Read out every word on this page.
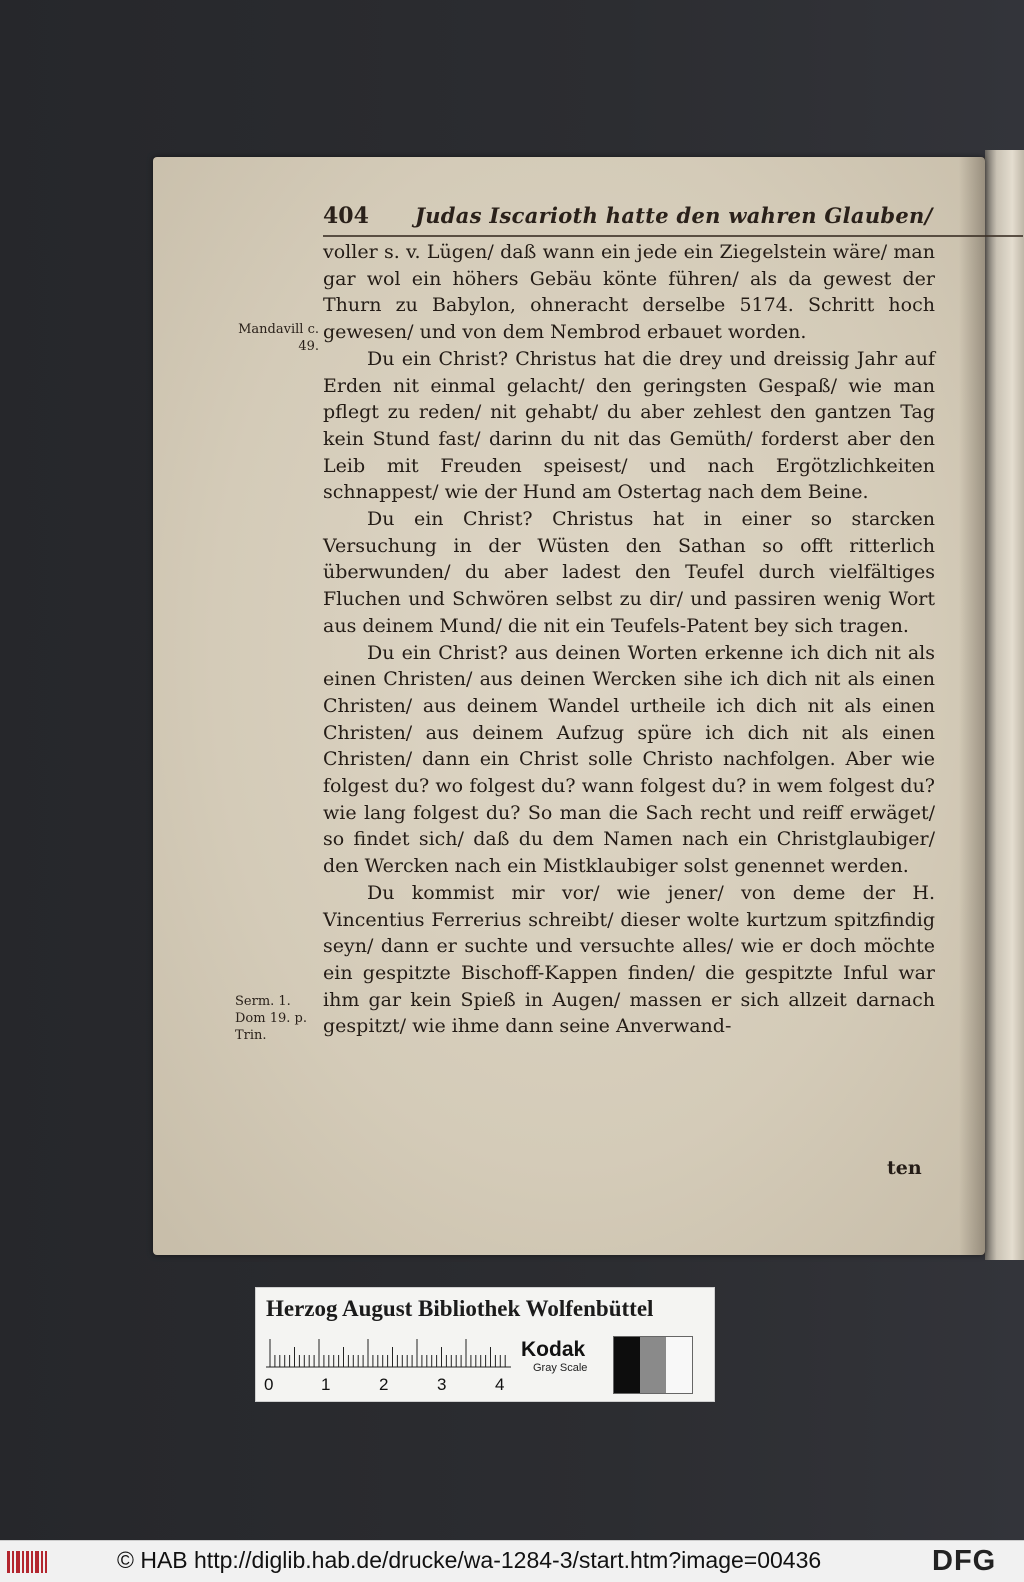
404 Judas Iscarioth hatte den wahren Glauben/
Mandavill c. 49.
Serm. 1. Dom 19. p. Trin.

voller s. v. Lügen/ daß wann ein jede ein Ziegelstein wäre/ man gar wol ein höhers Gebäu könte führen/ als da gewest der Thurn zu Babylon, ohneracht derselbe 5174. Schritt hoch gewesen/ und von dem Nembrod erbauet worden.

Du ein Christ? Christus hat die drey und dreissig Jahr auf Erden nit einmal gelacht/ den geringsten Gespaß/ wie man pflegt zu reden/ nit gehabt/ du aber zehlest den gantzen Tag kein Stund fast/ darinn du nit das Gemüth/ forderst aber den Leib mit Freuden speisest/ und nach Ergötzlichkeiten schnappest/ wie der Hund am Ostertag nach dem Beine.

Du ein Christ? Christus hat in einer so starcken Versuchung in der Wüsten den Sathan so offt ritterlich überwunden/ du aber ladest den Teufel durch vielfältiges Fluchen und Schwören selbst zu dir/ und passiren wenig Wort aus deinem Mund/ die nit ein Teufels-Patent bey sich tragen.

Du ein Christ? aus deinen Worten erkenne ich dich nit als einen Christen/ aus deinen Wercken sihe ich dich nit als einen Christen/ aus deinem Wandel urtheile ich dich nit als einen Christen/ aus deinem Aufzug spüre ich dich nit als einen Christen/ dann ein Christ solle Christo nachfolgen. Aber wie folgest du? wo folgest du? wann folgest du? in wem folgest du? wie lang folgest du? So man die Sach recht und reiff erwäget/ so findet sich/ daß du dem Namen nach ein Christglaubiger/ den Wercken nach ein Mistklaubiger solst genennet werden.

Du kommist mir vor/ wie jener/ von deme der H. Vincentius Ferrerius schreibt/ dieser wolte kurtzum spitzfindig seyn/ dann er suchte und versuchte alles/ wie er doch möchte ein gespitzte Bischoff-Kappen finden/ die gespitzte Inful war ihm gar kein Spieß in Augen/ massen er sich allzeit darnach gespitzt/ wie ihme dann seine Anverwand-

ten
Herzog August Bibliothek Wolfenbüttel
0	1	2	3	4
Kodak
Gray Scale
© HAB http://diglib.hab.de/drucke/wa-1284-3/start.htm?image=00436	DFG
